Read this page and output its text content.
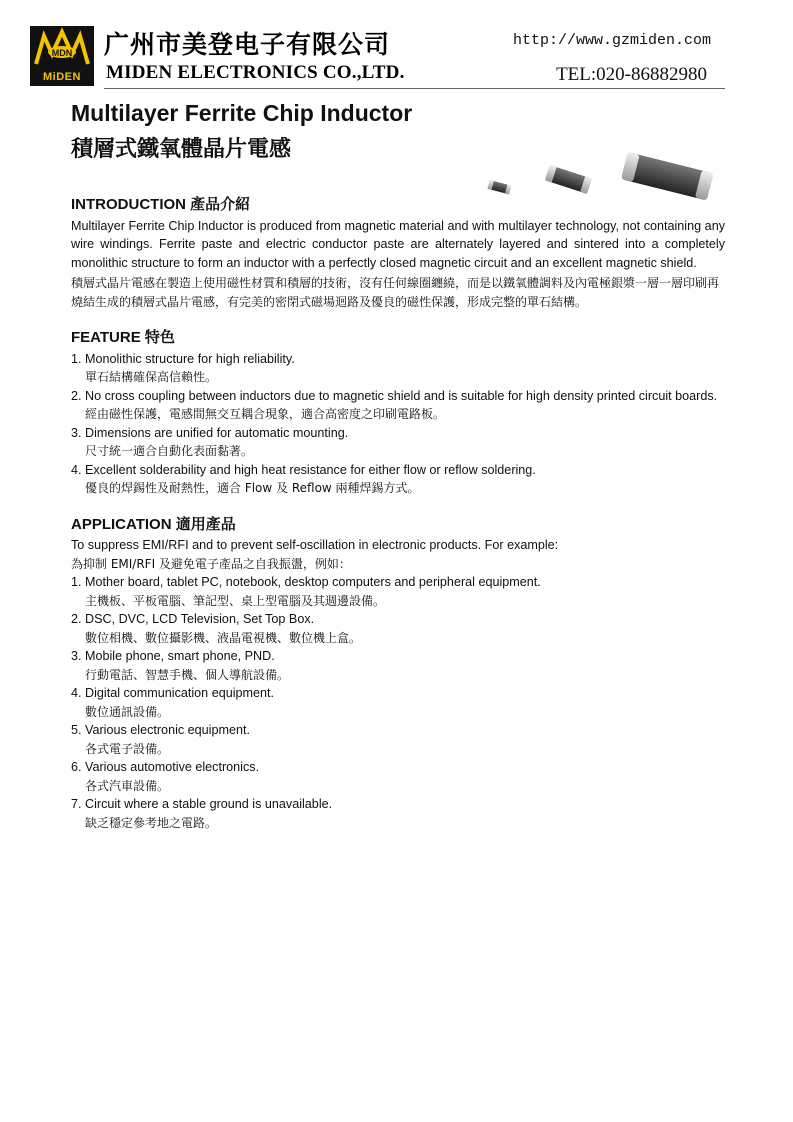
MDN
MiDEN
广州市美登电子有限公司
MIDEN ELECTRONICS CO.,LTD.
http://www.gzmiden.com
TEL:020-86882980
Multilayer Ferrite Chip Inductor
積層式鐵氧體晶片電感
INTRODUCTION 產品介紹
Multilayer Ferrite Chip Inductor is produced from magnetic material and with multilayer technology, not containing any wire windings. Ferrite paste and electric conductor paste are alternately layered and sintered into a completely monolithic structure to form an inductor with a perfectly closed magnetic circuit and an excellent magnetic shield.
積層式晶片電感在製造上使用磁性材質和積層的技術，沒有任何線圈纏繞，而是以鐵氧體調料及內電極銀漿一層一層印刷再燒結生成的積層式晶片電感，有完美的密閉式磁場迴路及優良的磁性保護，形成完整的單石結構。
FEATURE 特色
1. Monolithic structure for high reliability.
單石結構確保高信賴性。
2. No cross coupling between inductors due to magnetic shield and is suitable for high density printed circuit boards.
經由磁性保護，電感間無交互耦合現象，適合高密度之印刷電路板。
3. Dimensions are unified for automatic mounting.
尺寸統一適合自動化表面黏著。
4. Excellent solderability and high heat resistance for either flow or reflow soldering.
優良的焊錫性及耐熱性，適合 Flow 及 Reflow 兩種焊錫方式。
APPLICATION 適用產品
To suppress EMI/RFI and to prevent self-oscillation in electronic products. For example:
為抑制 EMI/RFI 及避免電子產品之自我振盪，例如：
1. Mother board, tablet PC, notebook, desktop computers and peripheral equipment.
主機板、平板電腦、筆記型、桌上型電腦及其週邊設備。
2. DSC, DVC, LCD Television, Set Top Box.
數位相機、數位攝影機、液晶電視機、數位機上盒。
3. Mobile phone, smart phone, PND.
行動電話、智慧手機、個人導航設備。
4. Digital communication equipment.
數位通訊設備。
5. Various electronic equipment.
各式電子設備。
6. Various automotive electronics.
各式汽車設備。
7. Circuit where a stable ground is unavailable.
缺乏穩定參考地之電路。
